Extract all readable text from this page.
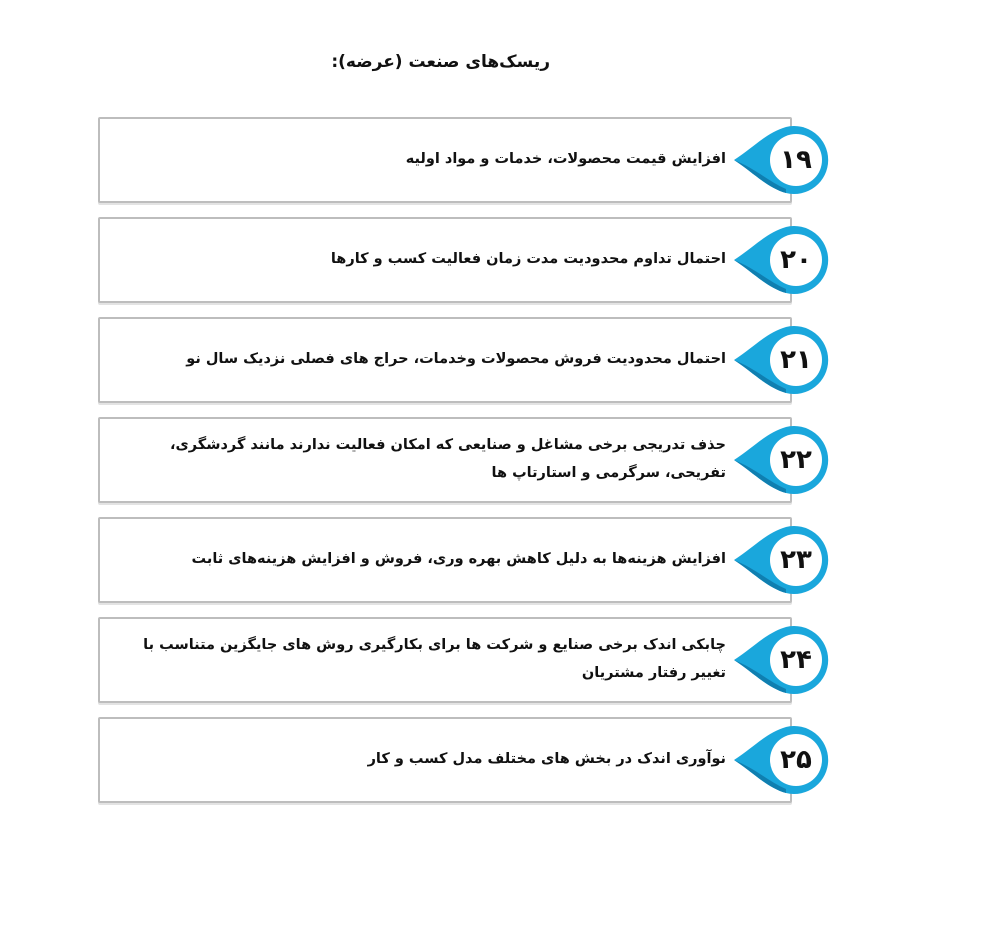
ریسک‌های صنعت (عرضه):
افزایش قیمت محصولات، خدمات و مواد اولیه	۱۹
احتمال تداوم محدودیت مدت زمان فعالیت کسب و کارها	۲۰
احتمال محدودیت فروش محصولات وخدمات، حراج های فصلی نزدیک سال نو	۲۱
حذف تدریجی برخی مشاغل و صنایعی که امکان فعالیت ندارند مانند گردشگری، تفریحی، سرگرمی و استارتاپ ها	۲۲
افزایش هزینه‌ها به دلیل کاهش بهره وری، فروش و افزایش هزینه‌های ثابت	۲۳
چابکی اندک برخی صنایع و شرکت ها برای بکارگیری روش های جایگزین متناسب با تغییر رفتار مشتریان	۲۴
نوآوری اندک در بخش های مختلف مدل کسب و کار	۲۵
